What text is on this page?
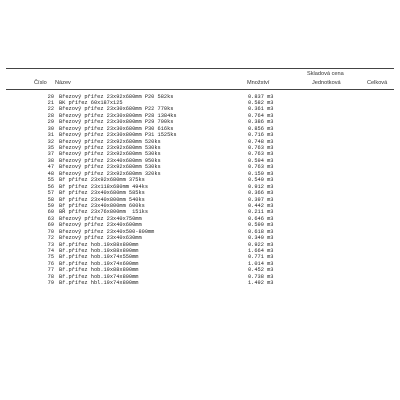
Skladová cena
Číslo Název	Množství	Jednotková	Celková
20 Březový přířez 23x92x680mm P20 582ks	0.837 m3
21 BK přířez 60x187x125	0.582 m3
22 Březový přířez 23x30x680mm P22 770ks	0.361 m3
28 Březový přířez 23x30x800mm P28 1384ks	0.764 m3
29 Březový přířez 23x30x800mm P29 700ks	0.386 m3
30 Březový přířez 23x30x680mm P30 616ks	0.856 m3
31 Březový přířez 23x30x800mm P31 1525ks	0.716 m3
32 Březový přířez 23x92x680mm 520ks	0.748 m3
35 Březový přířez 23x92x680mm 530ks	0.763 m3
37 Březový přířez 23x92x680mm 530ks	0.763 m3
38 Březový přířez 23x40x680mm 950ks	0.594 m3
47 Březový přířez 23x92x680mm 530ks	0.763 m3
48 Březový přířez 23x92x680mm 320ks	0.150 m3
55 Bř přířez 23x92x680mm 375ks	0.540 m3
56 Bř přířez 23x118x680mm 494ks	0.912 m3
57 Bř přířez 23x40x680mm 585ks	0.366 m3
58 Bř přířez 23x40x800mm 540ks	0.397 m3
59 Bř přířez 23x40x800mm 600ks	0.442 m3
60 BŘ přířez 23x76x800mm  151ks	0.211 m3
63 Březový přířez 23x40x750mm	0.646 m3
69 Březový přířez 23x40x600mm	0.590 m3
70 Březový přířez 23x40x500-800mm	0.618 m3
72 Březový přířez 23x40x630mm	0.340 m3
73 Bř.přířez hob.19x88x800mm	0.922 m3
74 Bř.přířez hob.19x88x800mm	1.664 m3
75 Bř.přířez hob.19x74x550mm	0.771 m3
76 Bř.přířez hob.19x74x600mm	1.014 m3
77 Bř.přířez hob.19x88x800mm	0.452 m3
78 Bř.přířez hob.19x74x800mm	0.738 m3
79 Bř.přířez hbl.19x74x800mm	1.492 m3
